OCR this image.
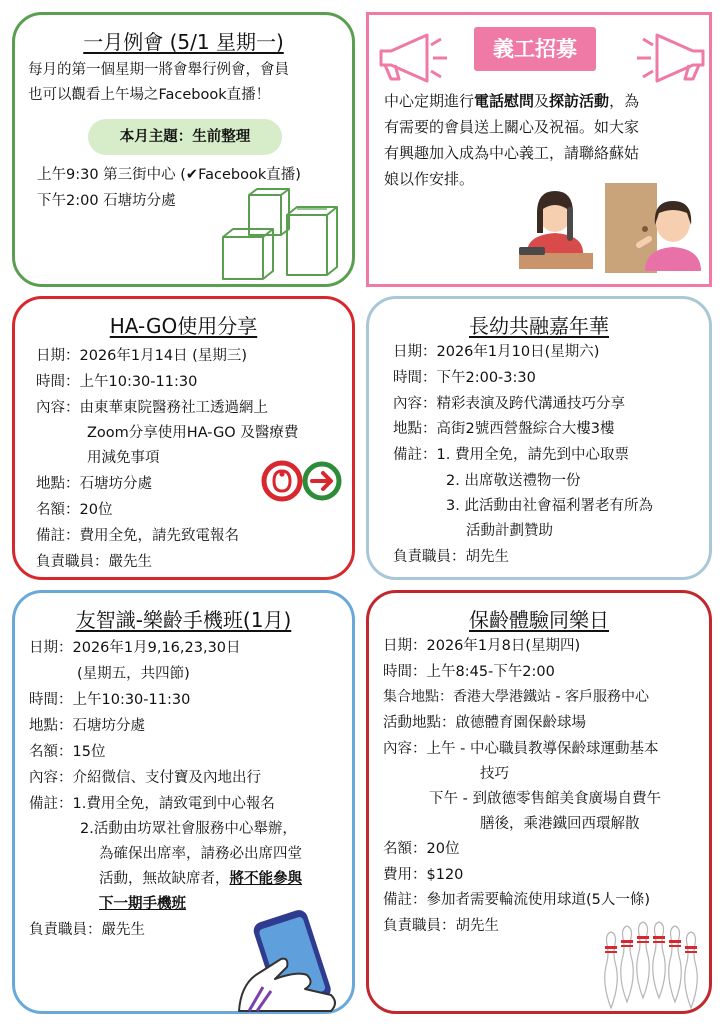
一月例會 (5/1 星期一)
每月的第一個星期一將會舉行例會，會員
也可以觀看上午場之Facebook直播！
本月主題：生前整理
上午9:30 第三街中心 (✔Facebook直播)
下午2:00 石塘坊分處
義工招募
中心定期進行電話慰問及探訪活動，為
有需要的會員送上關心及祝福。如大家
有興趣加入成為中心義工，請聯絡蘇姑
娘以作安排。
HA-GO使用分享
日期：2026年1月14日 (星期三)
時間：上午10:30-11:30
內容：由東華東院醫務社工透過網上
Zoom分享使用HA-GO 及醫療費
用減免事項
地點：石塘坊分處
名額：20位
備註：費用全免，請先致電報名
負責職員：嚴先生
長幼共融嘉年華
日期：2026年1月10日(星期六)
時間：下午2:00-3:30
內容：精彩表演及跨代溝通技巧分享
地點：高街2號西營盤綜合大樓3樓
備註：1. 費用全免，請先到中心取票
2. 出席敬送禮物一份
3. 此活動由社會福利署老有所為
活動計劃贊助
負責職員：胡先生
友智識-樂齡手機班(1月)
日期：2026年1月9,16,23,30日
(星期五，共四節)
時間：上午10:30-11:30
地點：石塘坊分處
名額：15位
內容：介紹微信、支付寶及內地出行
備註：1.費用全免，請致電到中心報名
2.活動由坊眾社會服務中心舉辦，
為確保出席率，請務必出席四堂
活動，無故缺席者，將不能參與
下一期手機班
負責職員：嚴先生
保齡體驗同樂日
日期：2026年1月8日(星期四)
時間：上午8:45-下午2:00
集合地點：香港大學港鐵站 - 客戶服務中心
活動地點：啟德體育園保齡球場
內容：上午 - 中心職員教導保齡球運動基本
技巧
下午 - 到啟德零售館美食廣場自費午
膳後，乘港鐵回西環解散
名額：20位
費用：$120
備註：參加者需要輪流使用球道(5人一條)
負責職員：胡先生
